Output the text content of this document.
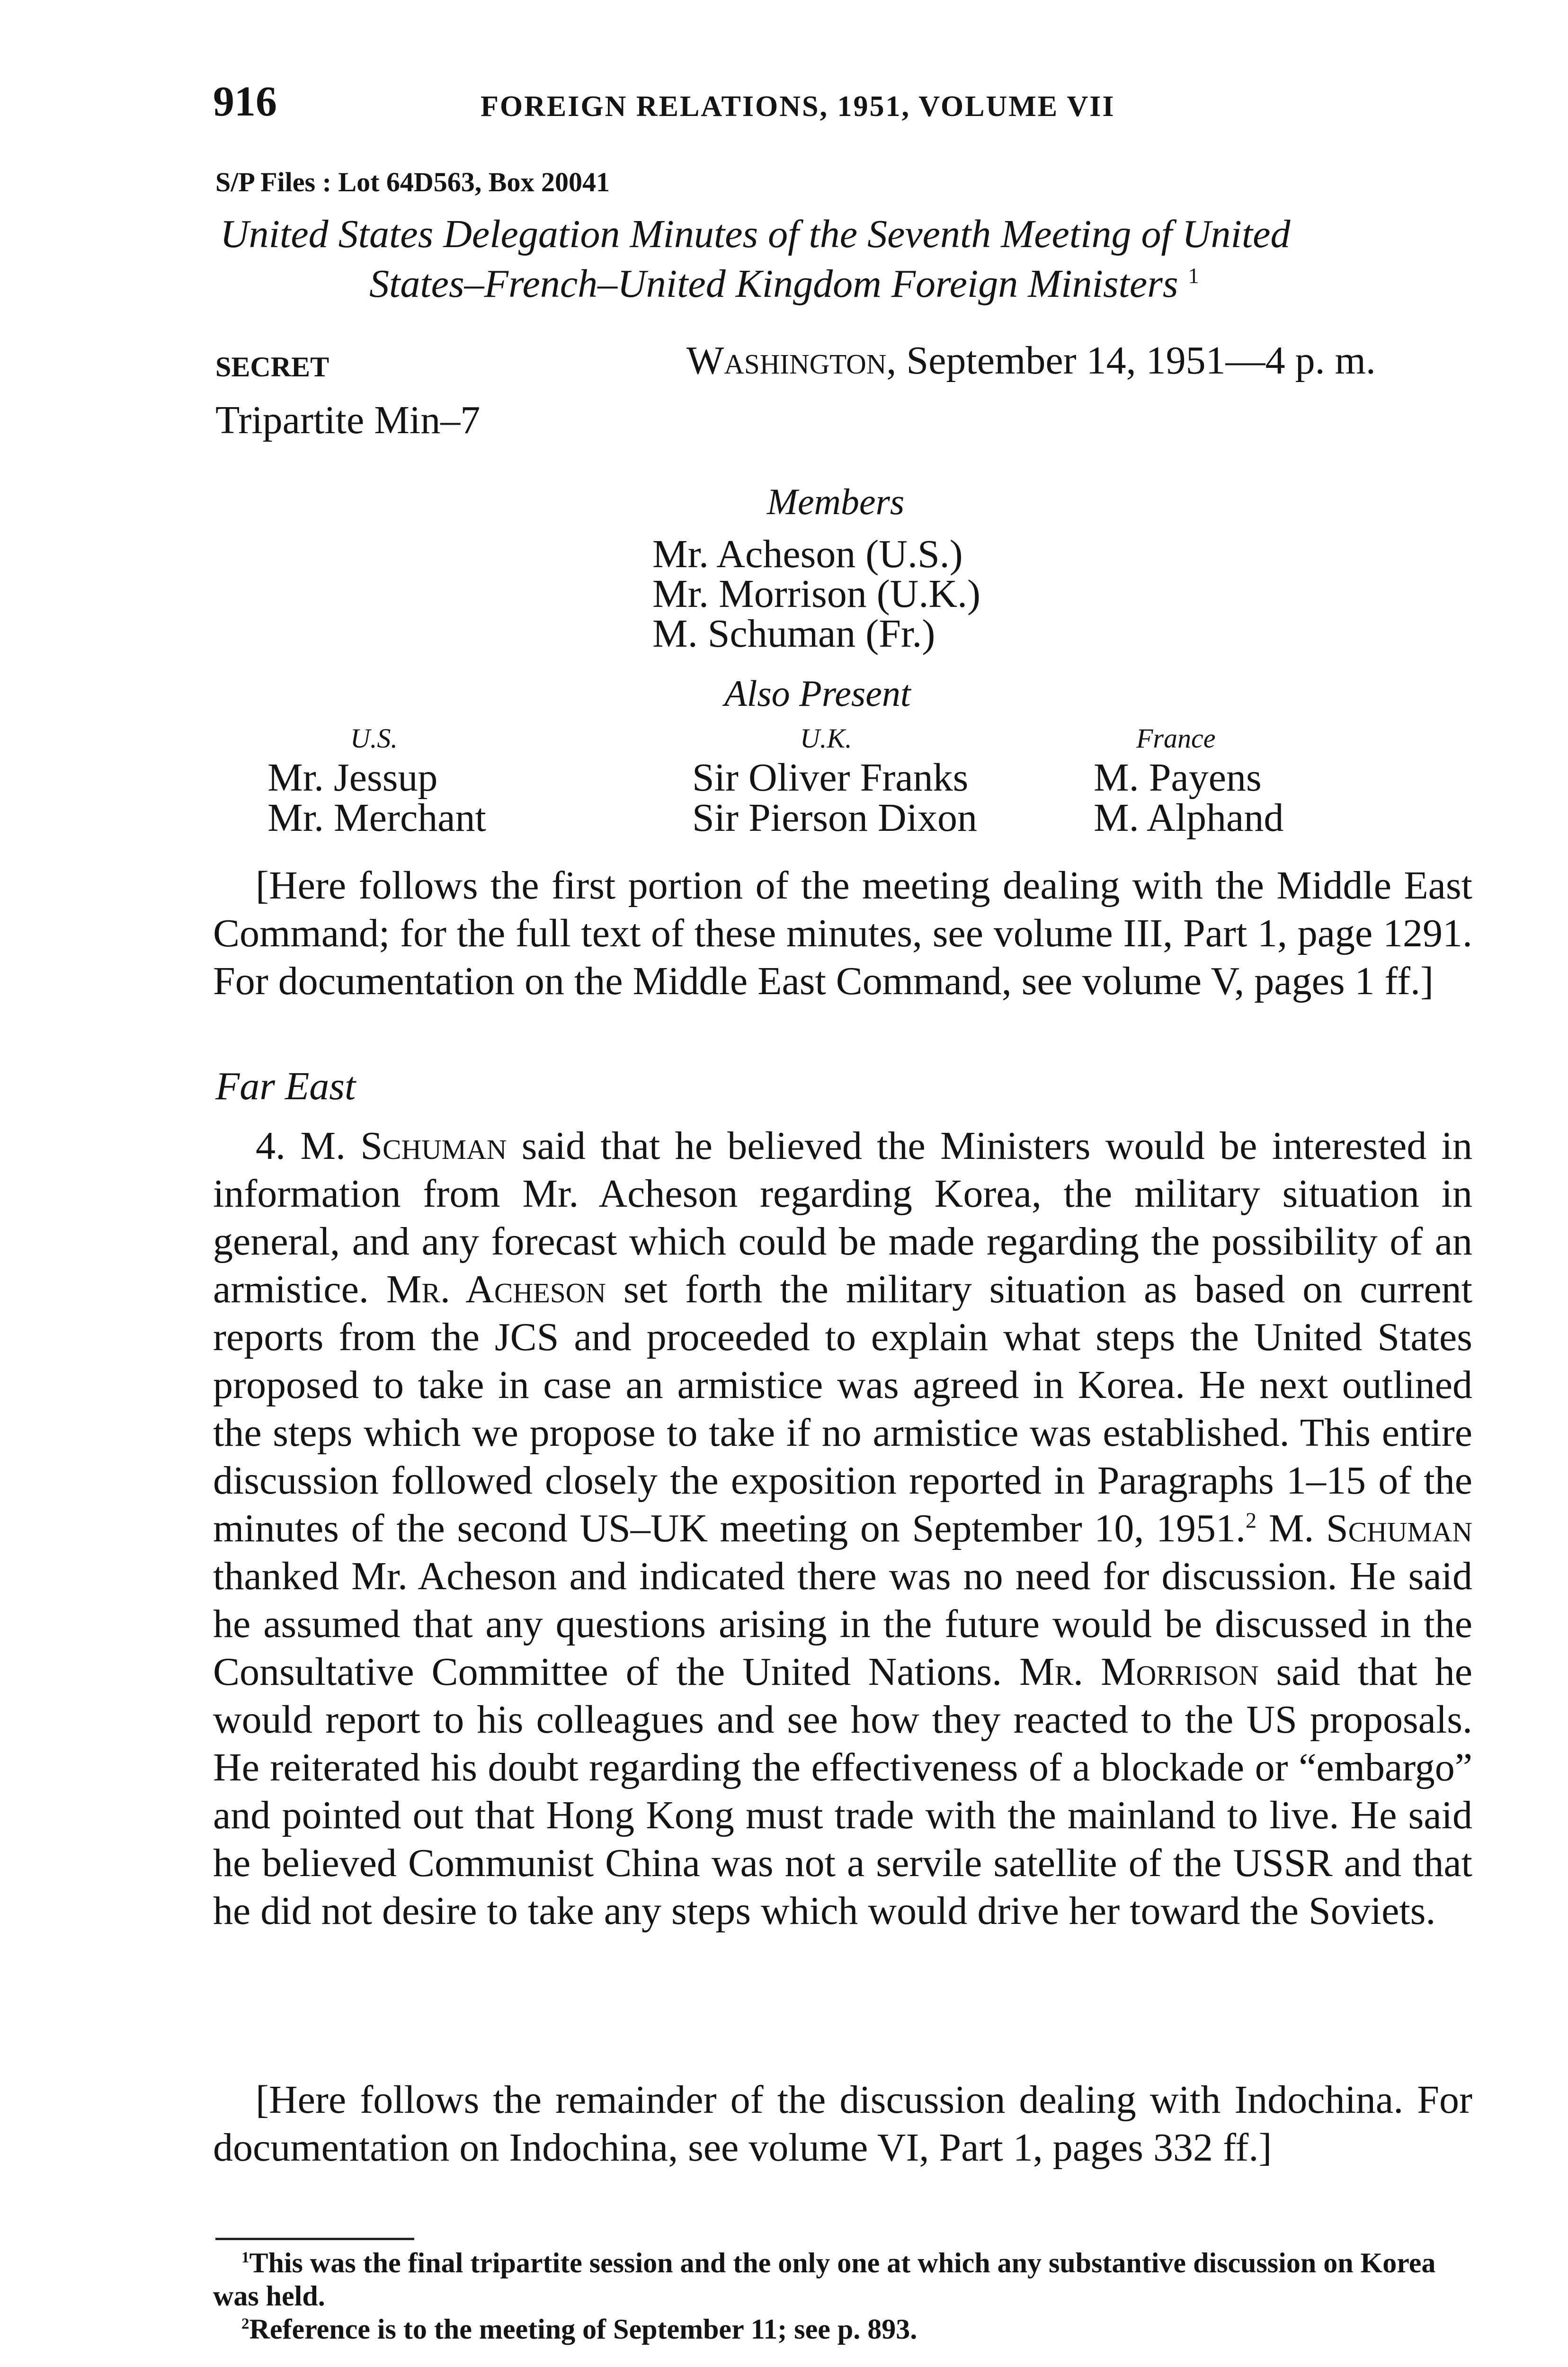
916	FOREIGN RELATIONS, 1951, VOLUME VII
S/P Files : Lot 64D563, Box 20041
United States Delegation Minutes of the Seventh Meeting of United
States–French–United Kingdom Foreign Ministers $^1$
SECRET	Washington, September 14, 1951—4 p. m.
Tripartite Min–7
Members
Mr. Acheson (U.S.)
Mr. Morrison (U.K.)
M. Schuman (Fr.)
Also Present
U.S.
Mr. Jessup
Mr. Merchant
U.K.
Sir Oliver Franks
Sir Pierson Dixon
France
M. Payens
M. Alphand

[Here follows the first portion of the meeting dealing with the Middle East Command; for the full text of these minutes, see volume III, Part 1, page 1291. For documentation on the Middle East Command, see volume V, pages 1 ff.]

Far East

4. M. Schuman said that he believed the Ministers would be interested in information from Mr. Acheson regarding Korea, the military situation in general, and any forecast which could be made regarding the possibility of an armistice. Mr. Acheson set forth the military situation as based on current reports from the JCS and proceeded to explain what steps the United States proposed to take in case an armistice was agreed in Korea. He next outlined the steps which we propose to take if no armistice was established. This entire discussion followed closely the exposition reported in Paragraphs 1–15 of the minutes of the second US–UK meeting on September 10, 1951.$^2$ M. Schuman thanked Mr. Acheson and indicated there was no need for discussion. He said he assumed that any questions arising in the future would be discussed in the Consultative Committee of the United Nations. Mr. Morrison said that he would report to his colleagues and see how they reacted to the US proposals. He reiterated his doubt regarding the effectiveness of a blockade or “embargo” and pointed out that Hong Kong must trade with the mainland to live. He said he believed Communist China was not a servile satellite of the USSR and that he did not desire to take any steps which would drive her toward the Soviets.

[Here follows the remainder of the discussion dealing with Indochina. For documentation on Indochina, see volume VI, Part 1, pages 332 ff.]

$^1$This was the final tripartite session and the only one at which any substantive discussion on Korea was held.
$^2$Reference is to the meeting of September 11; see p. 893.
